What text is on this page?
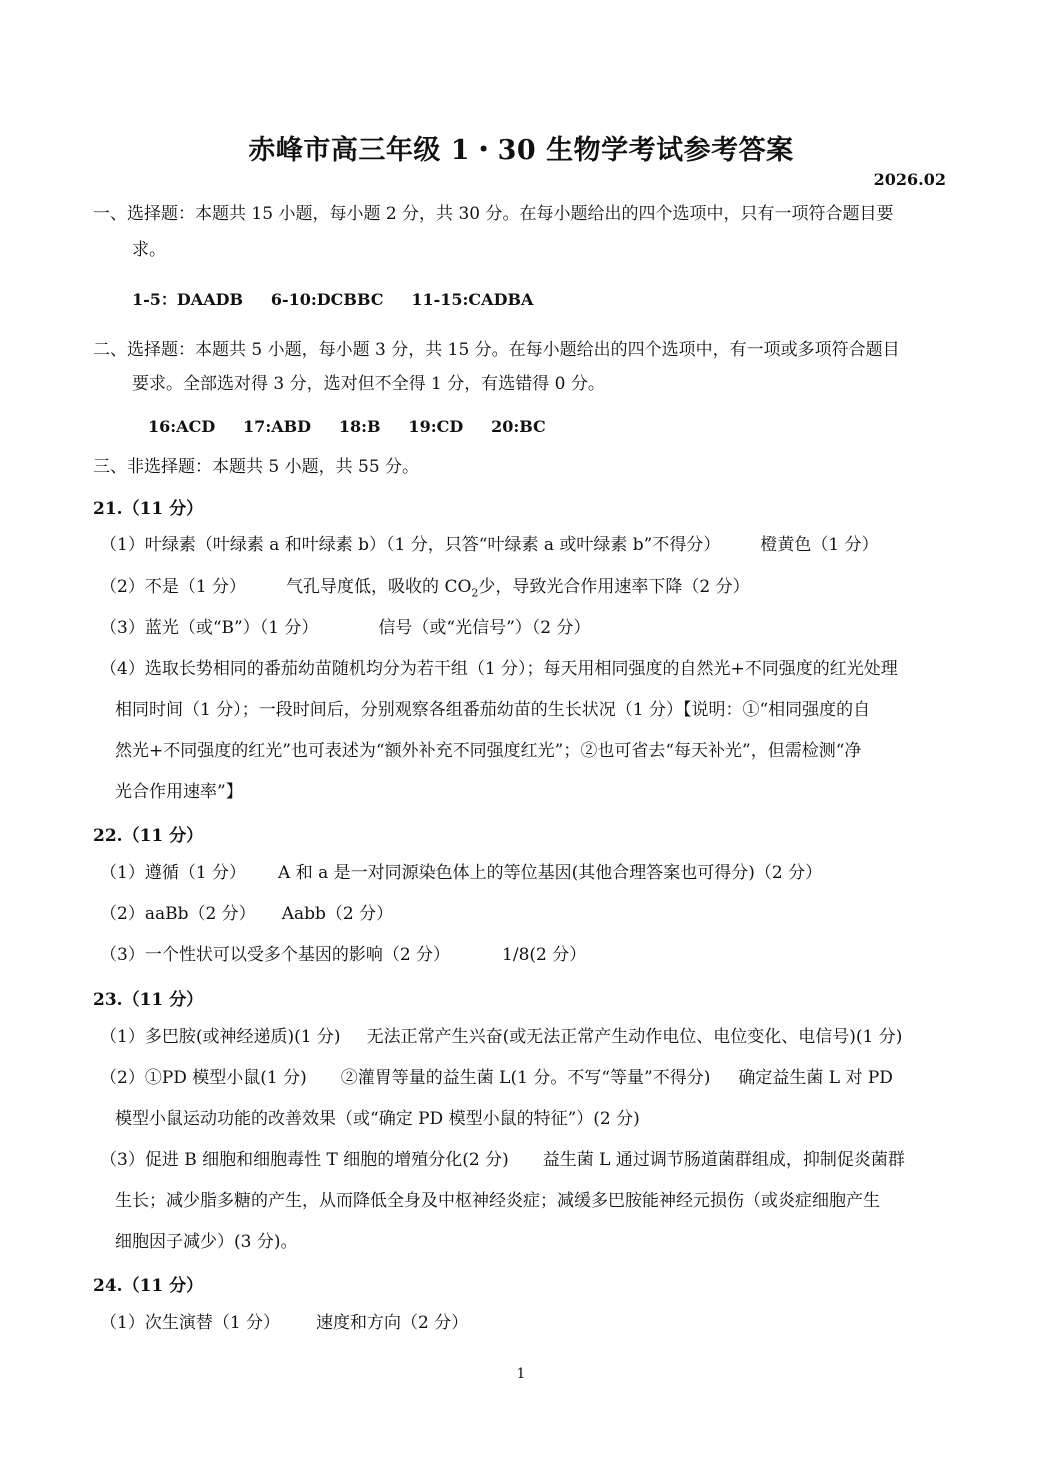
赤峰市高三年级 1・30 生物学考试参考答案
2026.02
一、选择题：本题共 15 小题，每小题 2 分，共 30 分。在每小题给出的四个选项中，只有一项符合题目要
求。
1-5：DAADB     6-10:DCBBC     11-15:CADBA
二、选择题：本题共 5 小题，每小题 3 分，共 15 分。在每小题给出的四个选项中，有一项或多项符合题目
要求。全部选对得 3 分，选对但不全得 1 分，有选错得 0 分。
16:ACD     17:ABD     18:B     19:CD     20:BC
三、非选择题：本题共 5 小题，共 55 分。
21.（11 分）
（1）叶绿素（叶绿素 a 和叶绿素 b）（1 分，只答“叶绿素 a 或叶绿素 b”不得分） 橙黄色（1 分）
（2）不是（1 分） 气孔导度低，吸收的 $CO_2$少，导致光合作用速率下降（2 分）
（3）蓝光（或“B”）（1 分）	信号（或“光信号”）（2 分）
（4）选取长势相同的番茄幼苗随机均分为若干组（1 分）；每天用相同强度的自然光+不同强度的红光处理
相同时间（1 分）；一段时间后，分别观察各组番茄幼苗的生长状况（1 分）【说明：①“相同强度的自
然光+不同强度的红光”也可表述为“额外补充不同强度红光”；②也可省去“每天补光”，但需检测“净
光合作用速率”】
22.（11 分）
（1）遵循（1 分） A 和 a 是一对同源染色体上的等位基因(其他合理答案也可得分)（2 分）
（2）aaBb（2 分） Aabb（2 分）
（3）一个性状可以受多个基因的影响（2 分）	1/8(2 分）
23.（11 分）
（1）多巴胺(或神经递质)(1 分) 无法正常产生兴奋(或无法正常产生动作电位、电位变化、电信号)(1 分)
（2）①PD 模型小鼠(1 分) ②灌胃等量的益生菌 L(1 分。不写“等量”不得分) 确定益生菌 L 对 PD
模型小鼠运动功能的改善效果（或“确定 PD 模型小鼠的特征”）(2 分)
（3）促进 B 细胞和细胞毒性 T 细胞的增殖分化(2 分) 益生菌 L 通过调节肠道菌群组成，抑制促炎菌群
生长；减少脂多糖的产生，从而降低全身及中枢神经炎症；减缓多巴胺能神经元损伤（或炎症细胞产生
细胞因子减少）(3 分)。
24.（11 分）
（1）次生演替（1 分） 速度和方向（2 分）
1
